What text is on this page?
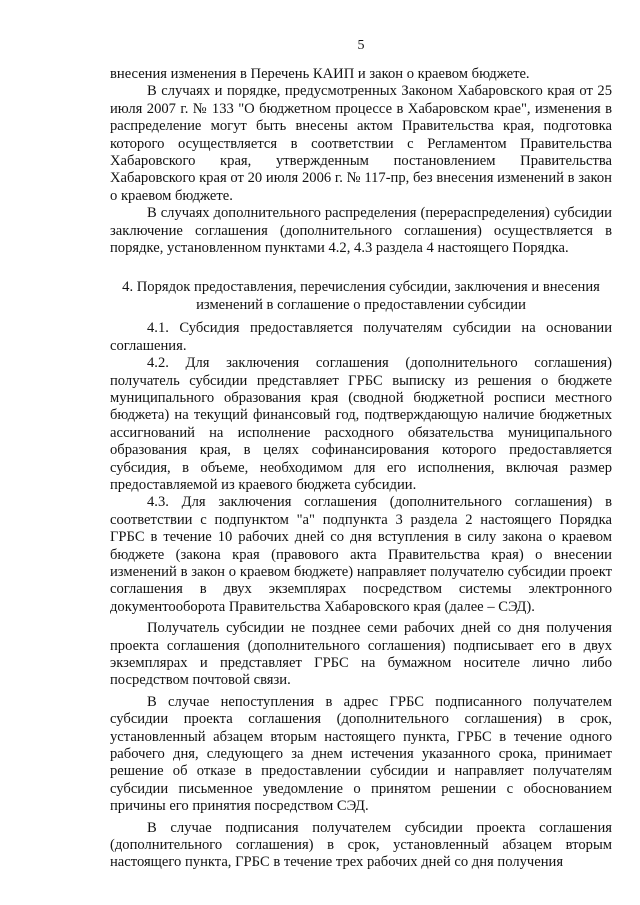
5

внесения изменения в Перечень КАИП и закон о краевом бюджете.

В случаях и порядке, предусмотренных Законом Хабаровского края от 25 июля 2007 г. № 133 "О бюджетном процессе в Хабаровском крае", изменения в распределение могут быть внесены актом Правительства края, подготовка которого осуществляется в соответствии с Регламентом Правительства Хабаровского края, утвержденным постановлением Правительства Хабаровского края от 20 июля 2006 г. № 117-пр, без внесения изменений в закон о краевом бюджете.

В случаях дополнительного распределения (перераспределения) субсидии заключение соглашения (дополнительного соглашения) осуществляется в порядке, установленном пунктами 4.2, 4.3 раздела 4 настоящего Порядка.

4. Порядок предоставления, перечисления субсидии, заключения и внесения изменений в соглашение о предоставлении субсидии

4.1. Субсидия предоставляется получателям субсидии на основании соглашения.

4.2. Для заключения соглашения (дополнительного соглашения) получатель субсидии представляет ГРБС выписку из решения о бюджете муниципального образования края (сводной бюджетной росписи местного бюджета) на текущий финансовый год, подтверждающую наличие бюджетных ассигнований на исполнение расходного обязательства муниципального образования края, в целях софинансирования которого предоставляется субсидия, в объеме, необходимом для его исполнения, включая размер предоставляемой из краевого бюджета субсидии.

4.3. Для заключения соглашения (дополнительного соглашения) в соответствии с подпунктом "а" подпункта 3 раздела 2 настоящего Порядка ГРБС в течение 10 рабочих дней со дня вступления в силу закона о краевом бюджете (закона края (правового акта Правительства края) о внесении изменений в закон о краевом бюджете) направляет получателю субсидии проект соглашения в двух экземплярах посредством системы электронного документооборота Правительства Хабаровского края (далее – СЭД).

Получатель субсидии не позднее семи рабочих дней со дня получения проекта соглашения (дополнительного соглашения) подписывает его в двух экземплярах и представляет ГРБС на бумажном носителе лично либо посредством почтовой связи.

В случае непоступления в адрес ГРБС подписанного получателем субсидии проекта соглашения (дополнительного соглашения) в срок, установленный абзацем вторым настоящего пункта, ГРБС в течение одного рабочего дня, следующего за днем истечения указанного срока, принимает решение об отказе в предоставлении субсидии и направляет получателям субсидии письменное уведомление о принятом решении с обоснованием причины его принятия посредством СЭД.

В случае подписания получателем субсидии проекта соглашения (дополнительного соглашения) в срок, установленный абзацем вторым настоящего пункта, ГРБС в течение трех рабочих дней со дня получения
